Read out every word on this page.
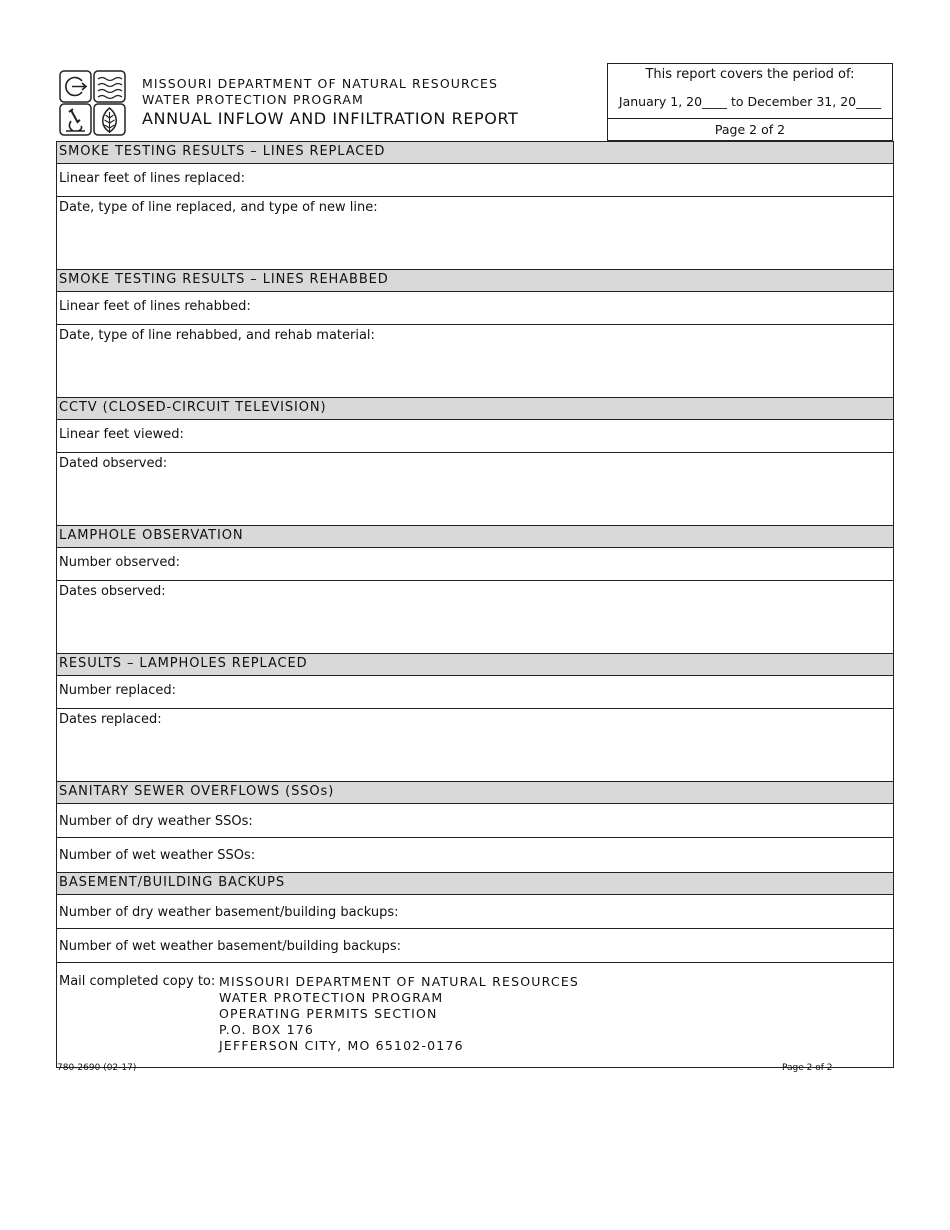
MISSOURI DEPARTMENT OF NATURAL RESOURCES
WATER PROTECTION PROGRAM
ANNUAL INFLOW AND INFILTRATION REPORT
This report covers the period of:
January 1, 20____ to December 31, 20____
Page 2 of 2
SMOKE TESTING RESULTS – LINES REPLACED
Linear feet of lines replaced:
Date, type of line replaced, and type of new line:
SMOKE TESTING RESULTS – LINES REHABBED
Linear feet of lines rehabbed:
Date, type of line rehabbed, and rehab material:
CCTV (CLOSED-CIRCUIT TELEVISION)
Linear feet viewed:
Dated observed:
LAMPHOLE OBSERVATION
Number observed:
Dates observed:
RESULTS – LAMPHOLES REPLACED
Number replaced:
Dates replaced:
SANITARY SEWER OVERFLOWS (SSOs)
Number of dry weather SSOs:
Number of wet weather SSOs:
BASEMENT/BUILDING BACKUPS
Number of dry weather basement/building backups:
Number of wet weather basement/building backups:
Mail completed copy to: MISSOURI DEPARTMENT OF NATURAL RESOURCES
WATER PROTECTION PROGRAM
OPERATING PERMITS SECTION
P.O. BOX 176
JEFFERSON CITY, MO 65102-0176
780-2690 (02-17)	Page 2 of 2
